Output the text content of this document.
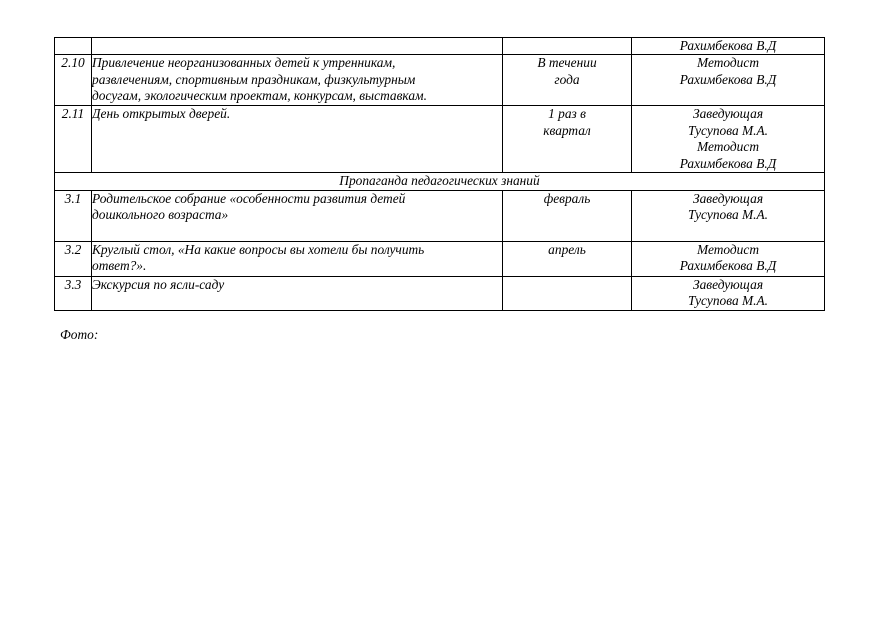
			Рахимбекова В.Д

2.10	Привлечение неорганизованных детей к утренникам,
развлечениям, спортивным праздникам, физкультурным
досугам, экологическим проектам, конкурсам, выставкам.	В течении
года	Методист
Рахимбекова В.Д

2.11	День открытых дверей.	1 раз в
квартал	Заведующая
Тусупова М.А.
Методист
Рахимбекова В.Д

Пропаганда педагогических знаний			
3.1	Родительское собрание «особенности развития детей
дошкольного возраста»	февраль	Заведующая
Тусупова М.А.

3.2	Круглый стол, «На какие вопросы вы хотели бы получить
ответ?».	апрель	Методист
Рахимбекова В.Д

3.3	Экскурсия по ясли-саду		Заведующая
Тусупова М.А.
Фото:
